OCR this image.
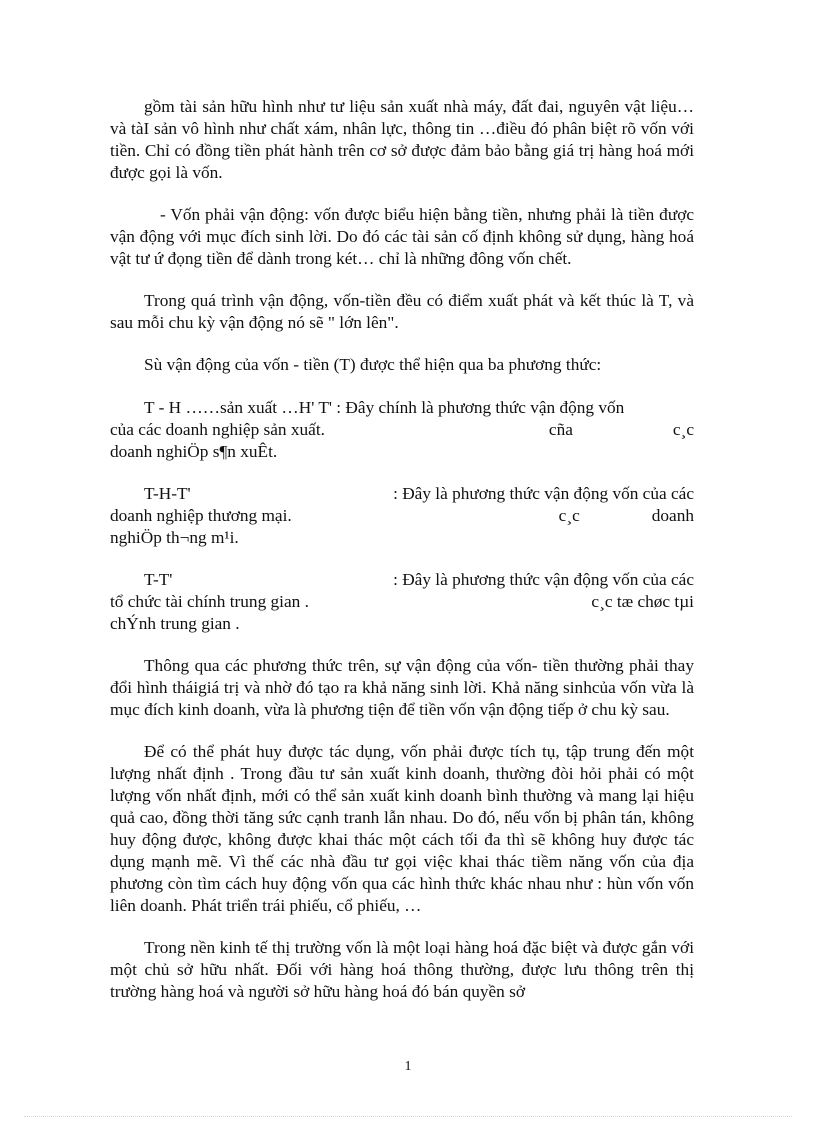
gồm tài sản hữu hình như tư liệu sản xuất nhà máy, đất đai, nguyên vật liệu… và tàI sản vô hình như chất xám, nhân lực, thông tin …điều đó phân biệt rõ vốn với tiền. Chỉ có đồng tiền phát hành trên cơ sở được đảm bảo bằng giá trị hàng hoá mới được gọi là vốn.

- Vốn phải vận động: vốn được biểu hiện bằng tiền, nhưng phải là tiền được vận động với mục đích sinh lời. Do đó các tài sản cố định không sử dụng, hàng hoá vật tư ứ đọng tiền để dành trong két… chỉ là những đông vốn chết.

Trong quá trình vận động, vốn-tiền đều có điểm xuất phát và kết thúc là T, và sau mỗi chu kỳ vận động nó sẽ " lớn lên".

Sù vận động của vốn - tiền (T) được thể hiện qua ba phương thức:

T - H ……sản xuất …H' T' : Đây chính là phương thức vận động vốn
của các doanh nghiệp sản xuất.	cña	c¸c
doanh nghiÖp s¶n xuÊt.
T-H-T'	: Đây là phương thức vận động vốn của các
doanh nghiệp thương mại.	c¸c	doanh
nghiÖp th¬ng m¹i.
T-T'	: Đây là phương thức vận động vốn của các
tổ chức tài chính trung gian .	c¸c tæ chøc tµi
chÝnh trung gian .

Thông qua các phương thức trên, sự vận động của vốn- tiền thường phải thay đổi hình tháigiá trị và nhờ đó tạo ra khả năng sinh lời. Khả năng sinhcủa vốn vừa là mục đích kinh doanh, vừa là phương tiện để tiền vốn vận động tiếp ở chu kỳ sau.

Để có thể phát huy được tác dụng, vốn phải được tích tụ, tập trung đến một lượng nhất định . Trong đầu tư sản xuất kinh doanh, thường đòi hỏi phải có một lượng vốn nhất định, mới có thể sản xuất kinh doanh bình thường và mang lại hiệu quả cao, đồng thời tăng sức cạnh tranh lẫn nhau. Do đó, nếu vốn bị phân tán, không huy động được, không được khai thác một cách tối đa thì sẽ không huy được tác dụng mạnh mẽ. Vì thế các nhà đầu tư gọi việc khai thác tiềm năng vốn của địa phương còn tìm cách huy động vốn qua các hình thức khác nhau như : hùn vốn vốn liên doanh. Phát triển trái phiếu, cổ phiếu, …

Trong nền kinh tế thị trường vốn là một loại hàng hoá đặc biệt và được gắn với một chủ sở hữu nhất. Đối với hàng hoá thông thường, được lưu thông trên thị trường hàng hoá và người sở hữu hàng hoá đó bán quyền sở

1
